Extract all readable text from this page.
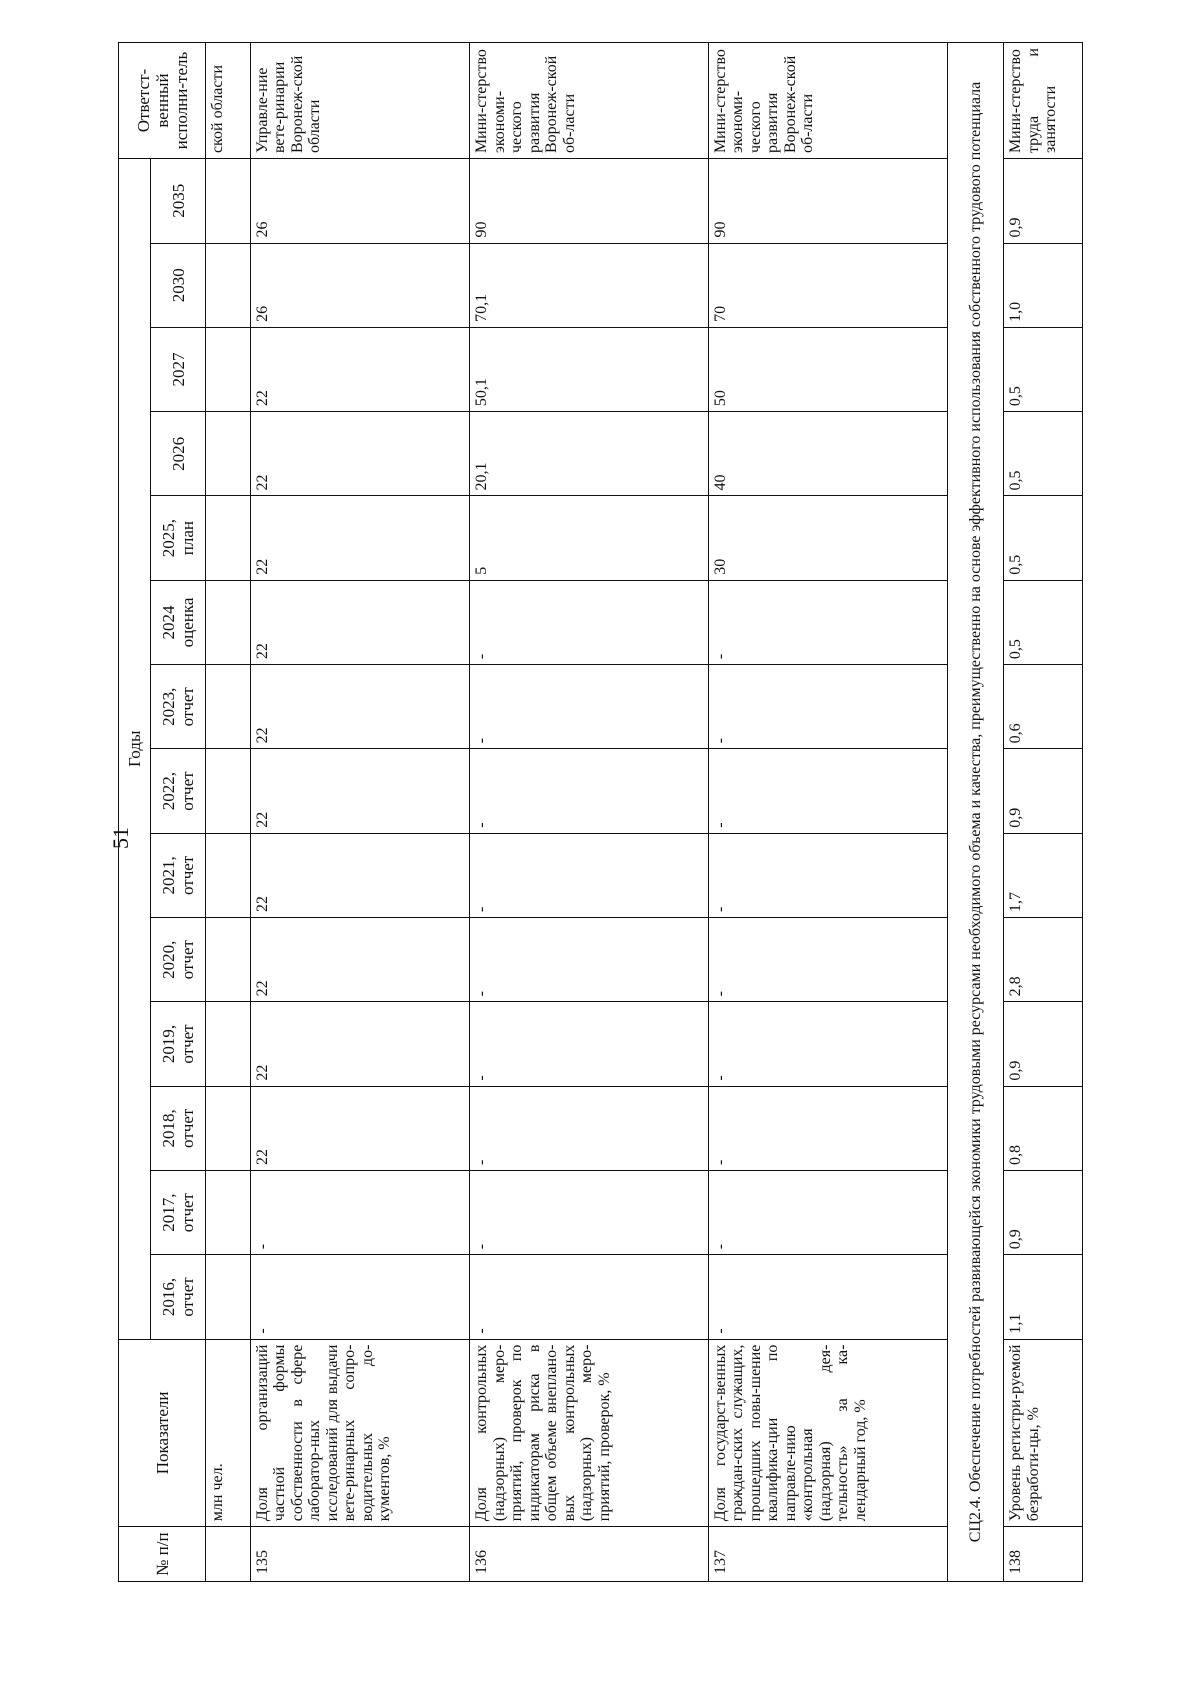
51
№ п/п	Показатели	Годы														Ответст-венный исполни-тель
		2016, отчет	2017, отчет	2018, отчет	2019, отчет	2020, отчет	2021, отчет	2022, отчет	2023, отчет	2024 оценка	2025, план	2026	2027	2030	2035	
	млн чел.															ской области
135	Доля организаций частной формы собственности в сфере лаборатор-ных исследований для выдачи вете-ринарных сопро-водительных до-кументов, %	-	-	22	22	22	22	22	22	22	22	22	22	26	26	Управле-ние вете-ринарии Воронеж-ской области
136	Доля контрольных (надзорных) меро-приятий, проверок по индикаторам риска в общем объеме внеплано-вых контрольных (надзорных) меро-приятий, проверок, %	-	-	-	-	-	-	-	-	-	5	20,1	50,1	70,1	90	Мини-стерство экономи-ческого развития Воронеж-ской об-ласти
137	Доля государст-венных граждан-ских служащих, прошедших повы-шение квалифика-ции по направле-нию «контрольная (надзорная) дея-тельность» за ка-лендарный год, %	-	-	-	-	-	-	-	-	-	30	40	50	70	90	Мини-стерство экономи-ческого развития Воронеж-ской об-ласти
СЦ2.4. Обеспечение потребностей развивающейся экономики трудовыми ресурсами необходимого объема и качества, преимущественно на основе эффективного использования собственного трудового потенциала																
138	Уровень регистри-руемой безработи-цы, %	1,1	0,9	0,8	0,9	2,8	1,7	0,9	0,6	0,5	0,5	0,5	0,5	1,0	0,9	Мини-стерство труда и занятости
